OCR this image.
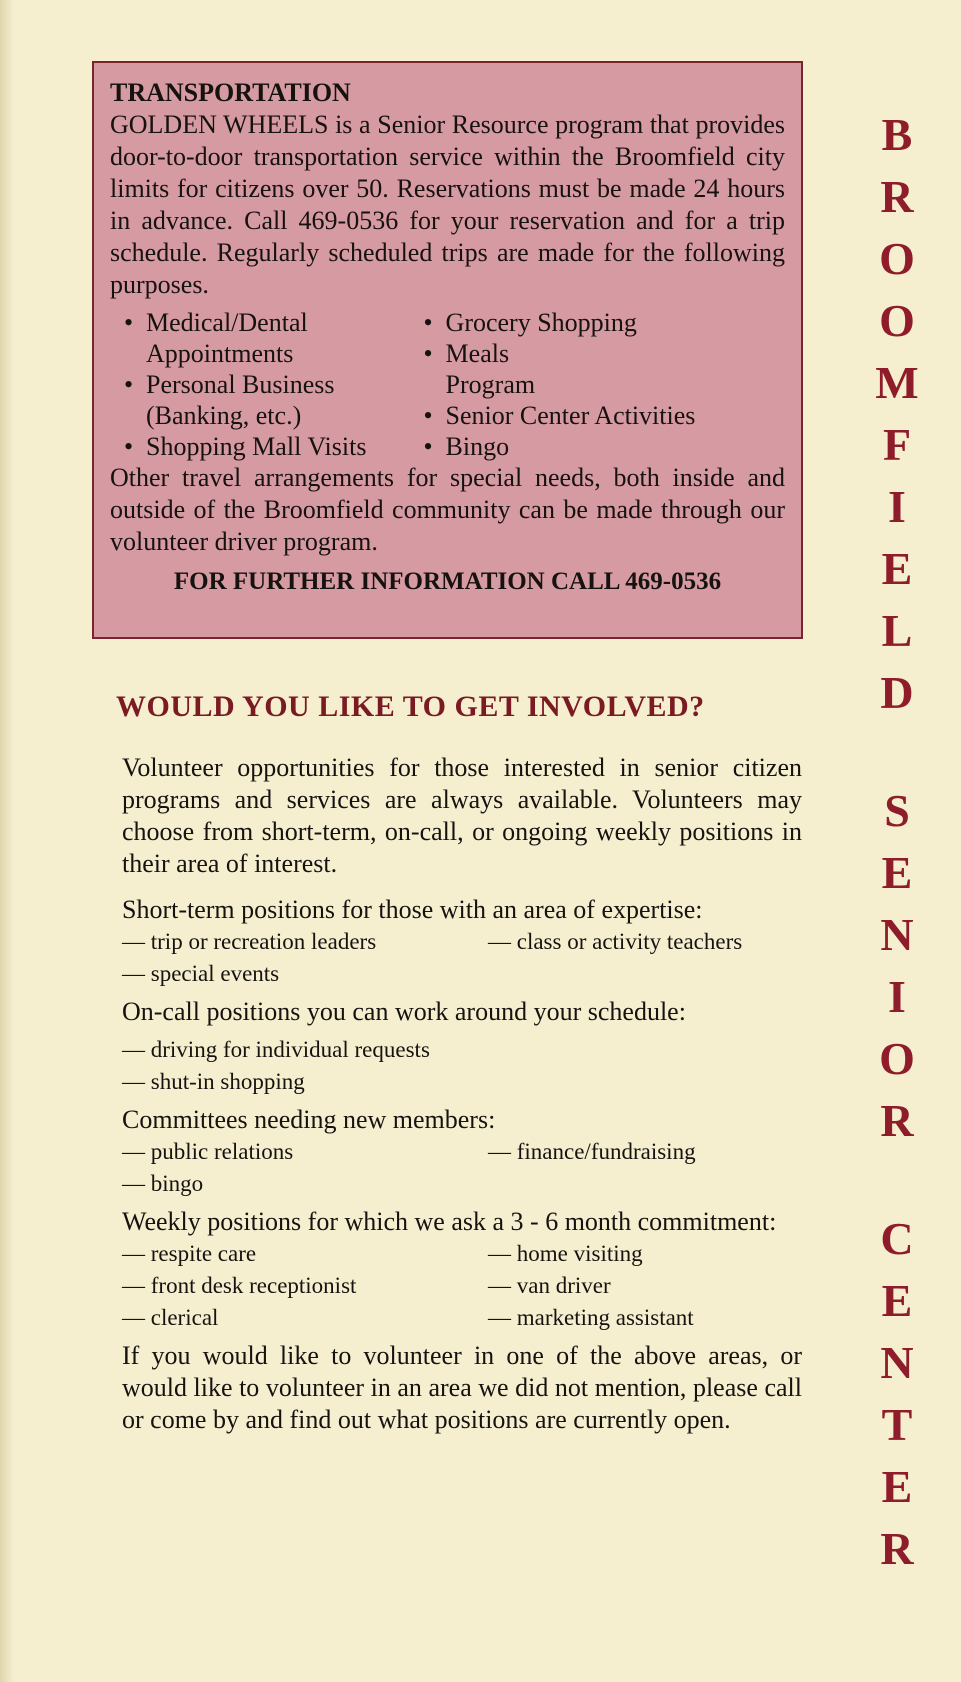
TRANSPORTATION

GOLDEN WHEELS is a Senior Resource program that provides door-to-door transportation service within the Broomfield city limits for citizens over 50. Reservations must be made 24 hours in advance. Call 469-0536 for your reservation and for a trip schedule. Regularly scheduled trips are made for the following purposes.

• Medical/Dental Appointments
• Personal Business (Banking, etc.)
• Shopping Mall Visits
• Grocery Shopping
• Meals Program
• Senior Center Activities
• Bingo

Other travel arrangements for special needs, both inside and outside of the Broomfield community can be made through our volunteer driver program.

FOR FURTHER INFORMATION CALL 469-0536

WOULD YOU LIKE TO GET INVOLVED?

Volunteer opportunities for those interested in senior citizen programs and services are always available. Volunteers may choose from short-term, on-call, or ongoing weekly positions in their area of interest.

Short-term positions for those with an area of expertise:

— trip or recreation leaders	— class or activity teachers
— special events

On-call positions you can work around your schedule:

— driving for individual requests
— shut-in shopping

Committees needing new members:

— public relations	— finance/fundraising
— bingo

Weekly positions for which we ask a 3 - 6 month commitment:

— respite care	— home visiting
— front desk receptionist	— van driver
— clerical	— marketing assistant

If you would like to volunteer in one of the above areas, or would like to volunteer in an area we did not mention, please call or come by and find out what positions are currently open.

B
R
O
O
M
F
I
E
L
D
S
E
N
I
O
R
C
E
N
T
E
R
